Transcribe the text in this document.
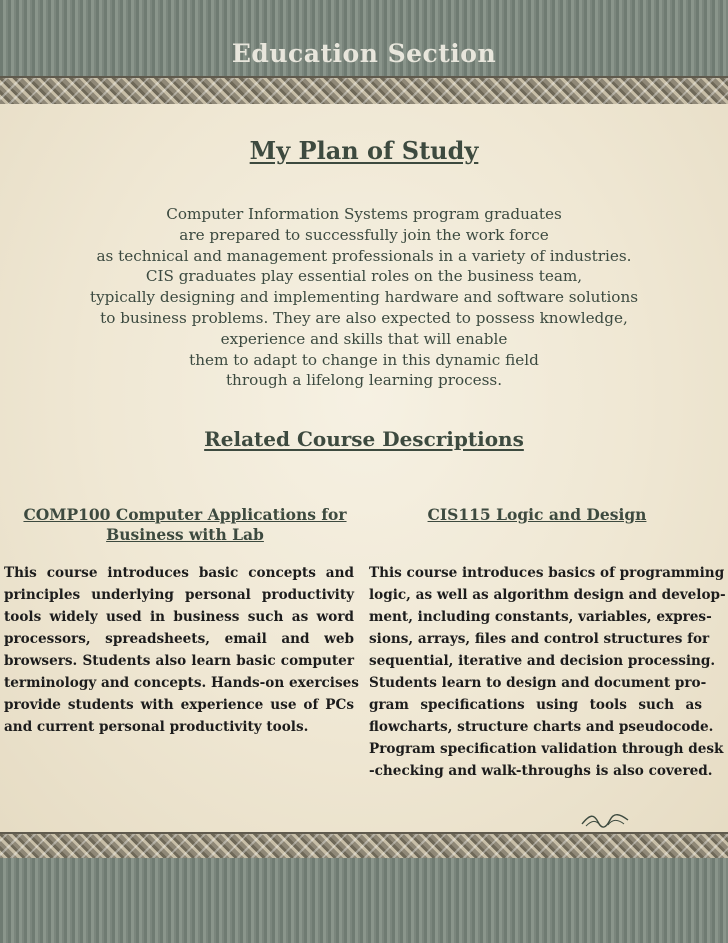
Education Section
My Plan of Study
Computer Information Systems program graduates
are prepared to successfully join the work force
as technical and management professionals in a variety of industries.
CIS graduates play essential roles on the business team,
typically designing and implementing hardware and software solutions
to business problems. They are also expected to possess knowledge,
experience and skills that will enable
them to adapt to change in this dynamic field
through a lifelong learning process.
Related Course Descriptions
COMP100 Computer Applications for Business with Lab
CIS115 Logic and Design
This course introduces basic concepts and
principles underlying personal productivity
tools widely used in business such as word
processors, spreadsheets, email and web
browsers. Students also learn basic computer
terminology and concepts. Hands-on exercises
provide students with experience use of PCs
and current personal productivity tools.
This course introduces basics of programming
logic, as well as algorithm design and develop-
ment, including constants, variables, expres-
sions, arrays, files and control structures for
sequential, iterative and decision processing.
Students learn to design and document pro-
gram specifications using tools such as
flowcharts, structure charts and pseudocode.
Program specification validation through desk
-checking and walk-throughs is also covered.
